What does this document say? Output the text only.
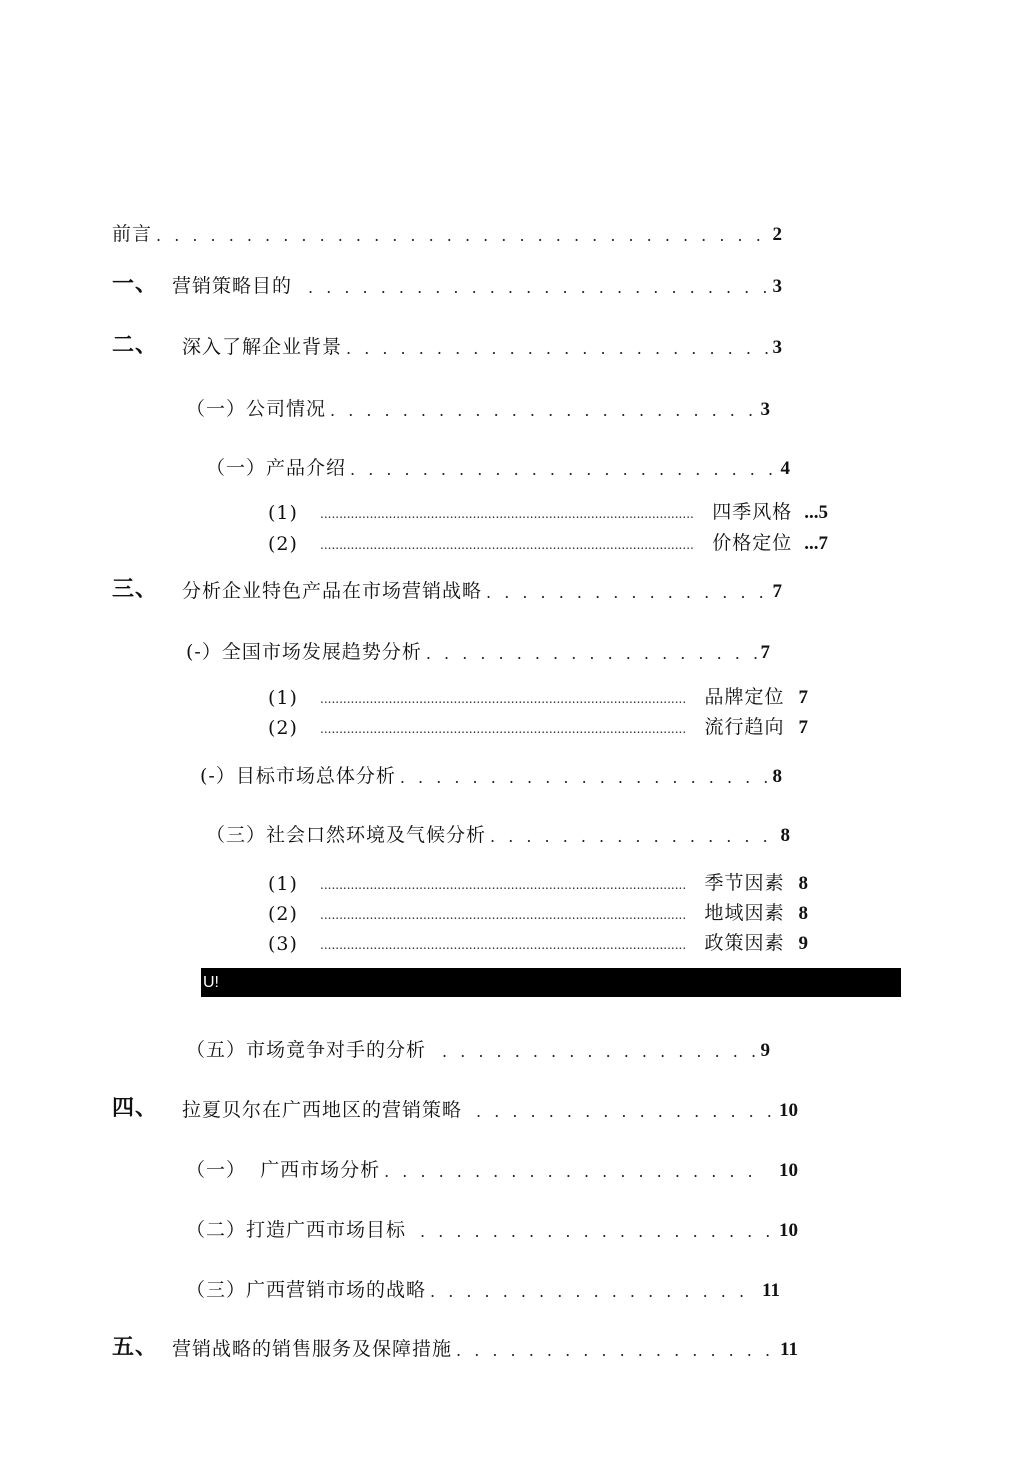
前言 . . .	2
一、 营销策略目的 . . .	3
二、 深入了解企业背景 . . .	3
（一）公司情况 . . .	3
（一）产品介绍 . . .	4
(1) .....	四季风格 ...5
(2) .....	价格定位 ...7
三、 分析企业特色产品在市场营销战略 . . .	7
(-）全国市场发展趋势分析 . . .	7
(1) .....	品牌定位 7
(2) .....	流行趋向 7
(-）目标市场总体分析 . . .	8
（三）社会口然环境及气候分析 . . .	8
(1) .....	季节因素 8
(2) .....	地域因素 8
(3) .....	政策因素 9
U!
（五）市场竟争对手的分析 . . .	9
四、 拉夏贝尔在广西地区的营销策略 . . .	10
（一）  广西市场分析 . . .	10
（二）打造广西市场目标 . . .	10
（三）广西营销市场的战略 . . .	11
五、 营销战略的销售服务及保障措施 . . .	11
